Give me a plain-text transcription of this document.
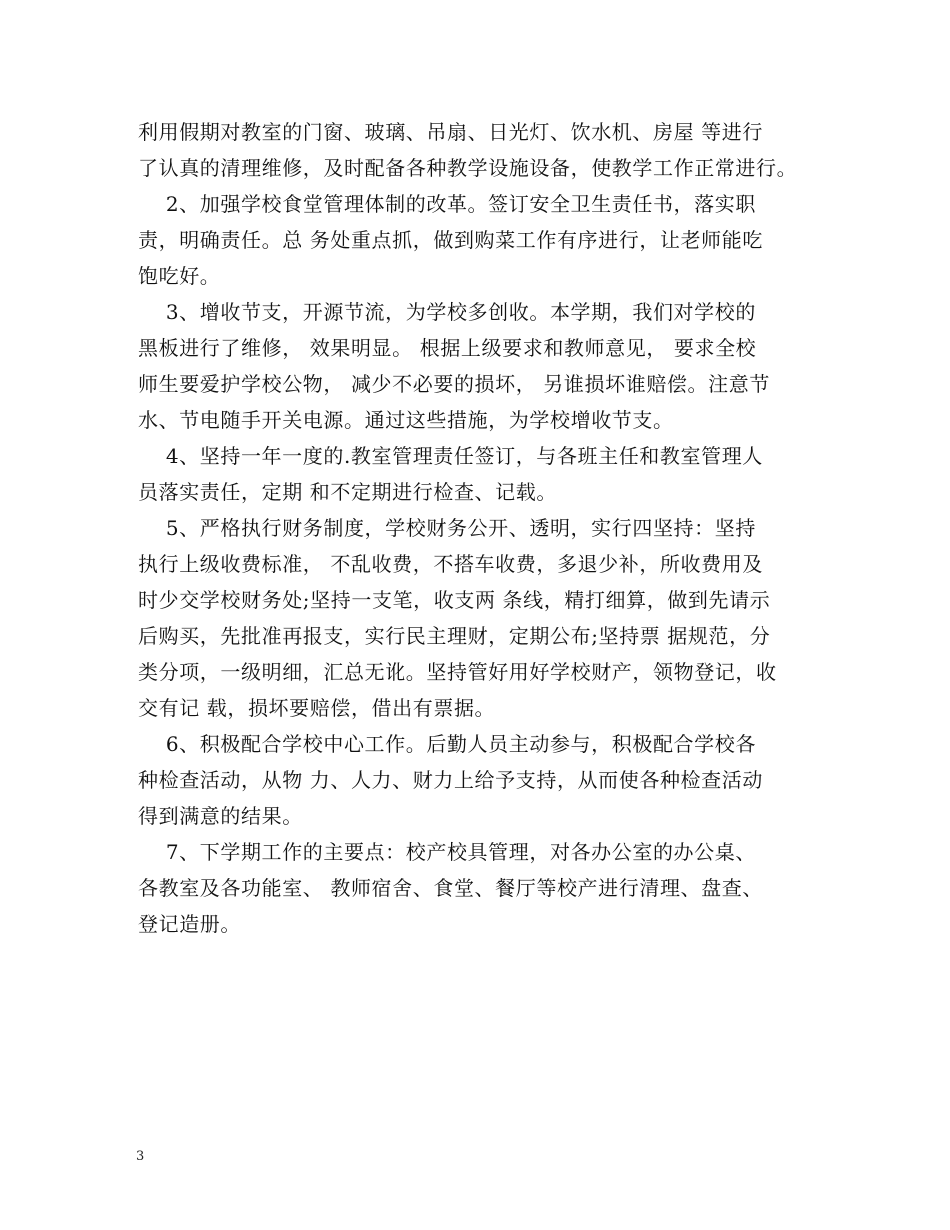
利用假期对教室的门窗、玻璃、吊扇、日光灯、饮水机、房屋 等进行
了认真的清理维修，及时配备各种教学设施设备，使教学工作正常进行。
2、加强学校食堂管理体制的改革。签订安全卫生责任书，落实职
责，明确责任。总 务处重点抓，做到购菜工作有序进行，让老师能吃
饱吃好。
3、增收节支，开源节流，为学校多创收。本学期，我们对学校的
黑板进行了维修， 效果明显。 根据上级要求和教师意见， 要求全校
师生要爱护学校公物， 减少不必要的损坏， 另谁损坏谁赔偿。注意节
水、节电随手开关电源。通过这些措施，为学校增收节支。
4、坚持一年一度的.教室管理责任签订，与各班主任和教室管理人
员落实责任，定期 和不定期进行检查、记载。
5、严格执行财务制度，学校财务公开、透明，实行四坚持：坚持
执行上级收费标准， 不乱收费，不搭车收费，多退少补，所收费用及
时少交学校财务处;坚持一支笔，收支两 条线，精打细算，做到先请示
后购买，先批准再报支，实行民主理财，定期公布;坚持票 据规范，分
类分项，一级明细，汇总无讹。坚持管好用好学校财产，领物登记，收
交有记 载，损坏要赔偿，借出有票据。
6、积极配合学校中心工作。后勤人员主动参与，积极配合学校各
种检查活动，从物 力、人力、财力上给予支持，从而使各种检查活动
得到满意的结果。
7、下学期工作的主要点：校产校具管理，对各办公室的办公桌、
各教室及各功能室、 教师宿舍、食堂、餐厅等校产进行清理、盘查、
登记造册。
3
